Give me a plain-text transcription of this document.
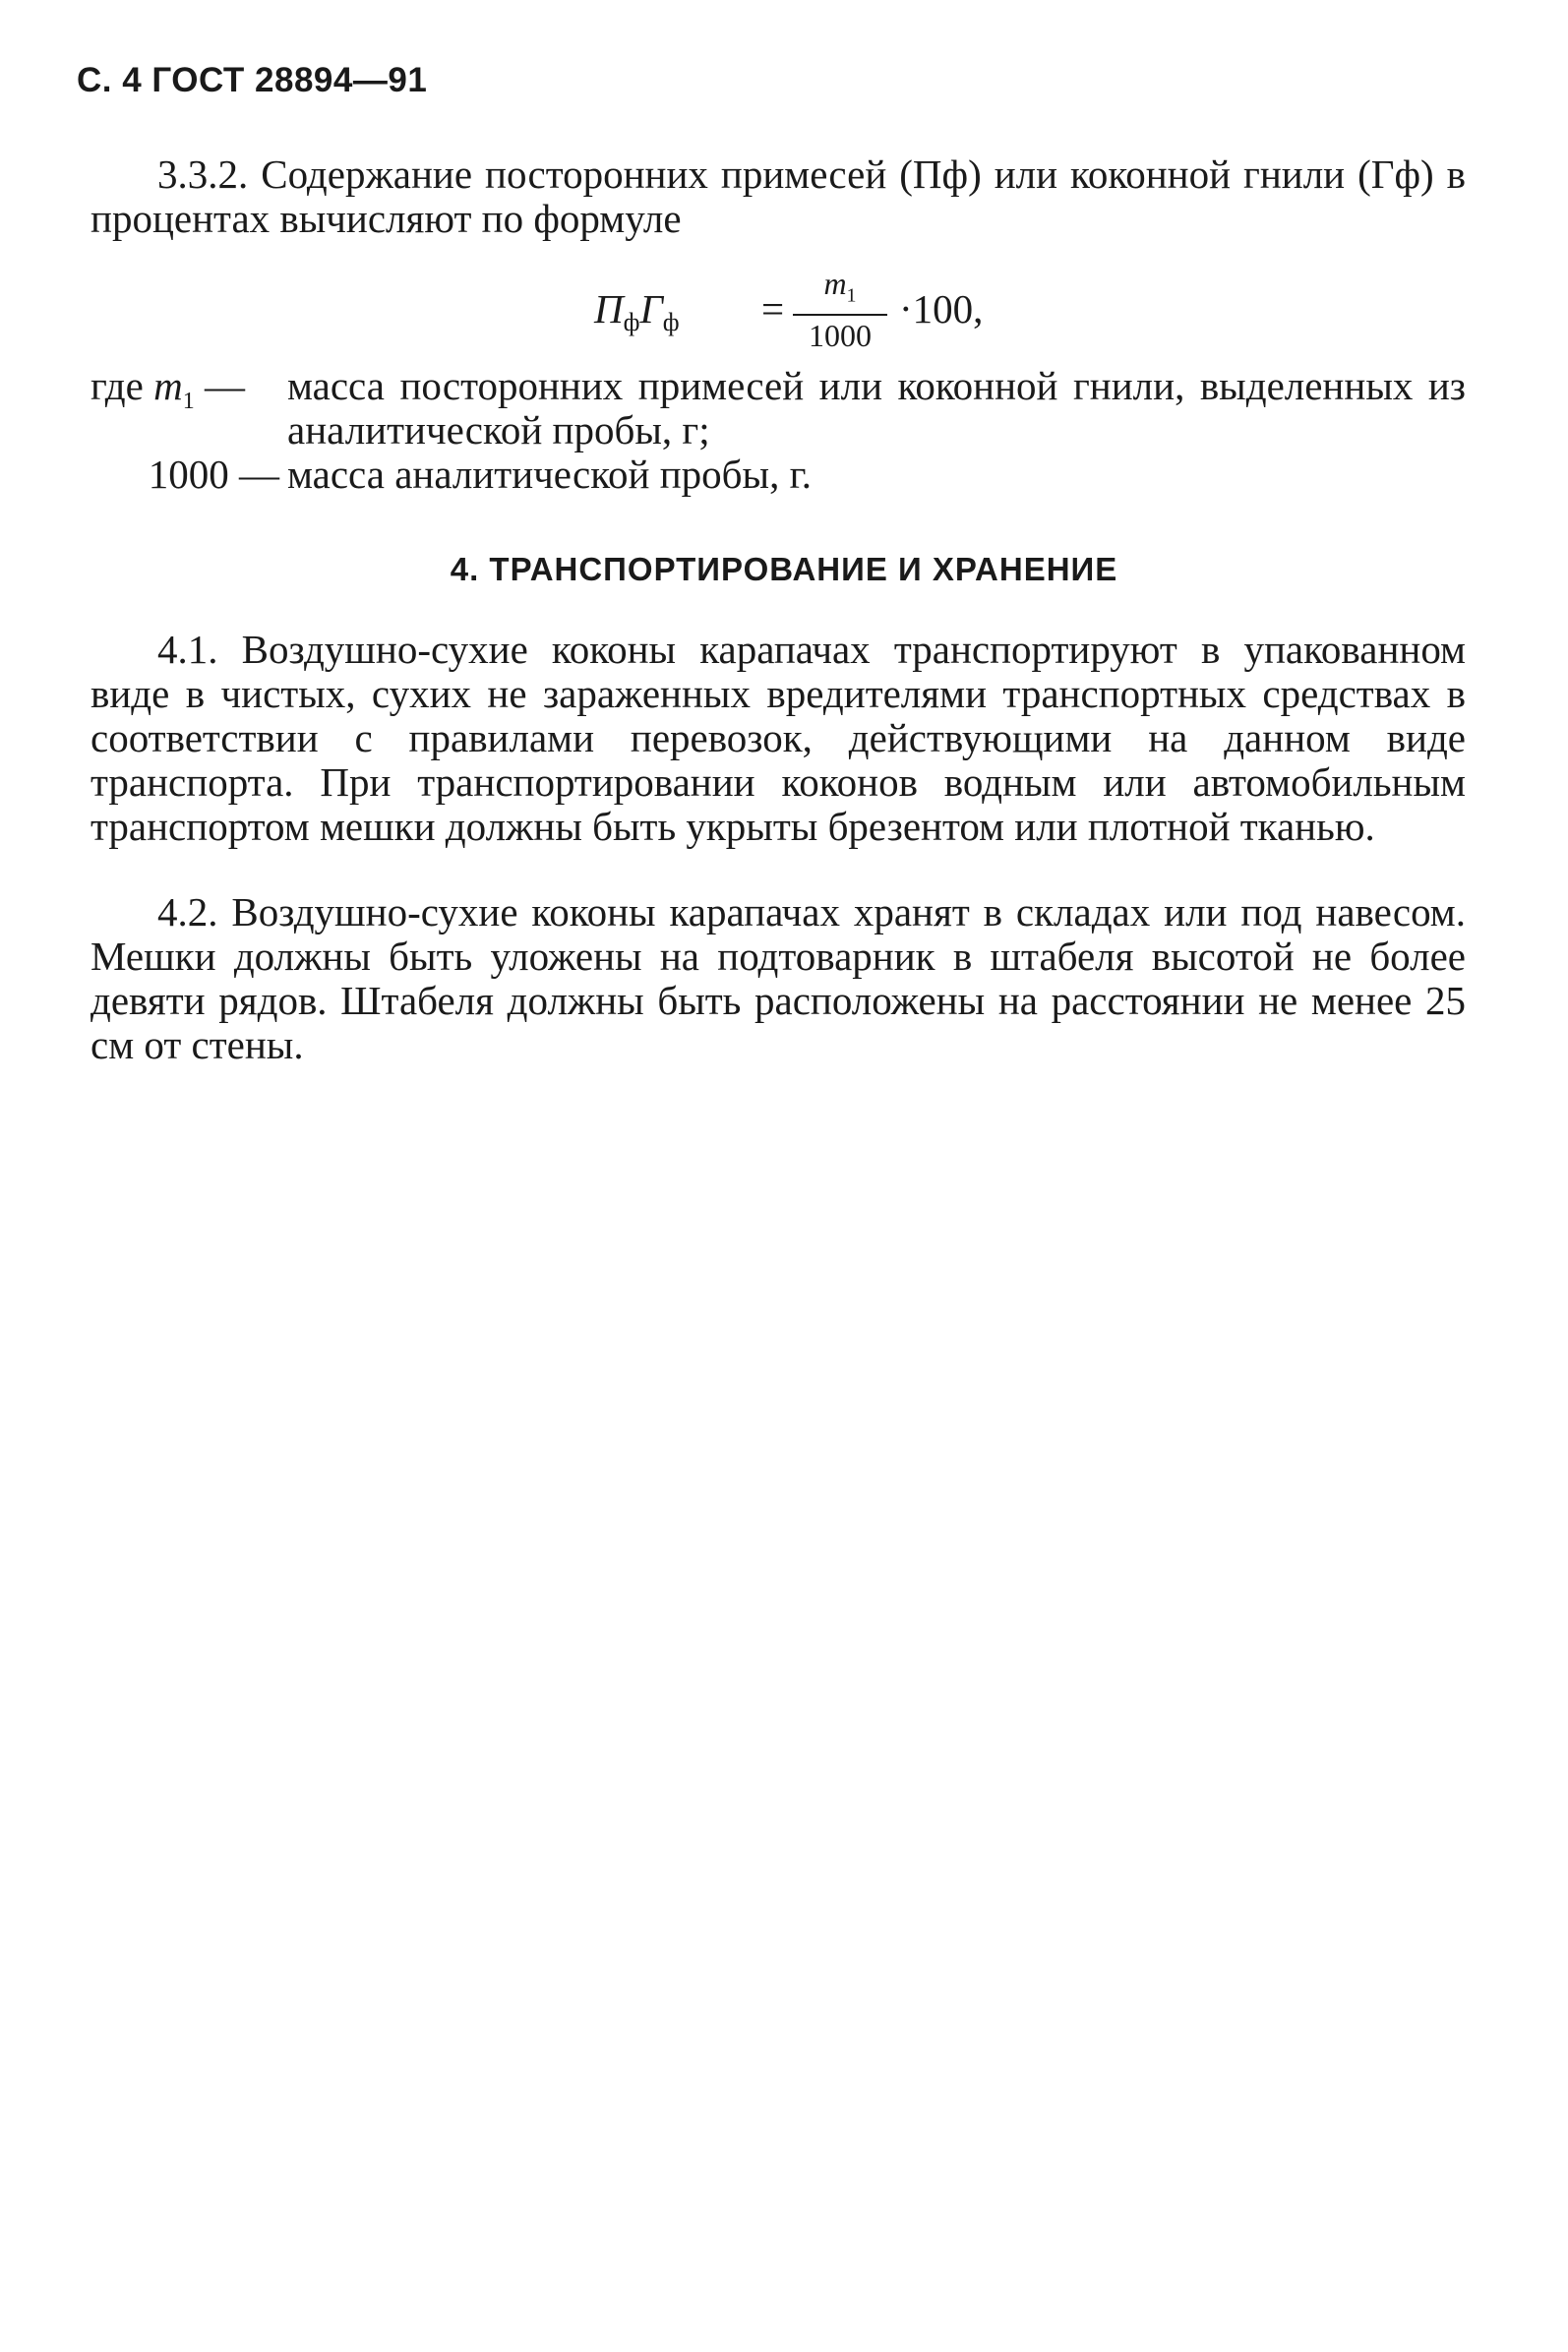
С. 4 ГОСТ 28894—91

3.3.2. Содержание посторонних примесей (Пф) или коконной гнили (Гф) в процентах вычисляют по формуле

$П_фГ_ф$ =
$m_1$
1000
·100,
где $m_1$ —	масса посторонних примесей или коконной гнили, выделенных из аналитической пробы, г;
1000 — масса аналитической пробы, г.
4. ТРАНСПОРТИРОВАНИЕ И ХРАНЕНИЕ

4.1. Воздушно-сухие коконы карапачах транспортируют в упакованном виде в чистых, сухих не зараженных вредителями транспортных средствах в соответствии с правилами перевозок, действующими на данном виде транспорта. При транспортировании коконов водным или автомобильным транспортом мешки должны быть укрыты брезентом или плотной тканью.

4.2. Воздушно-сухие коконы карапачах хранят в складах или под навесом. Мешки должны быть уложены на подтоварник в штабеля высотой не более девяти рядов. Штабеля должны быть расположены на расстоянии не менее 25 см от стены.
